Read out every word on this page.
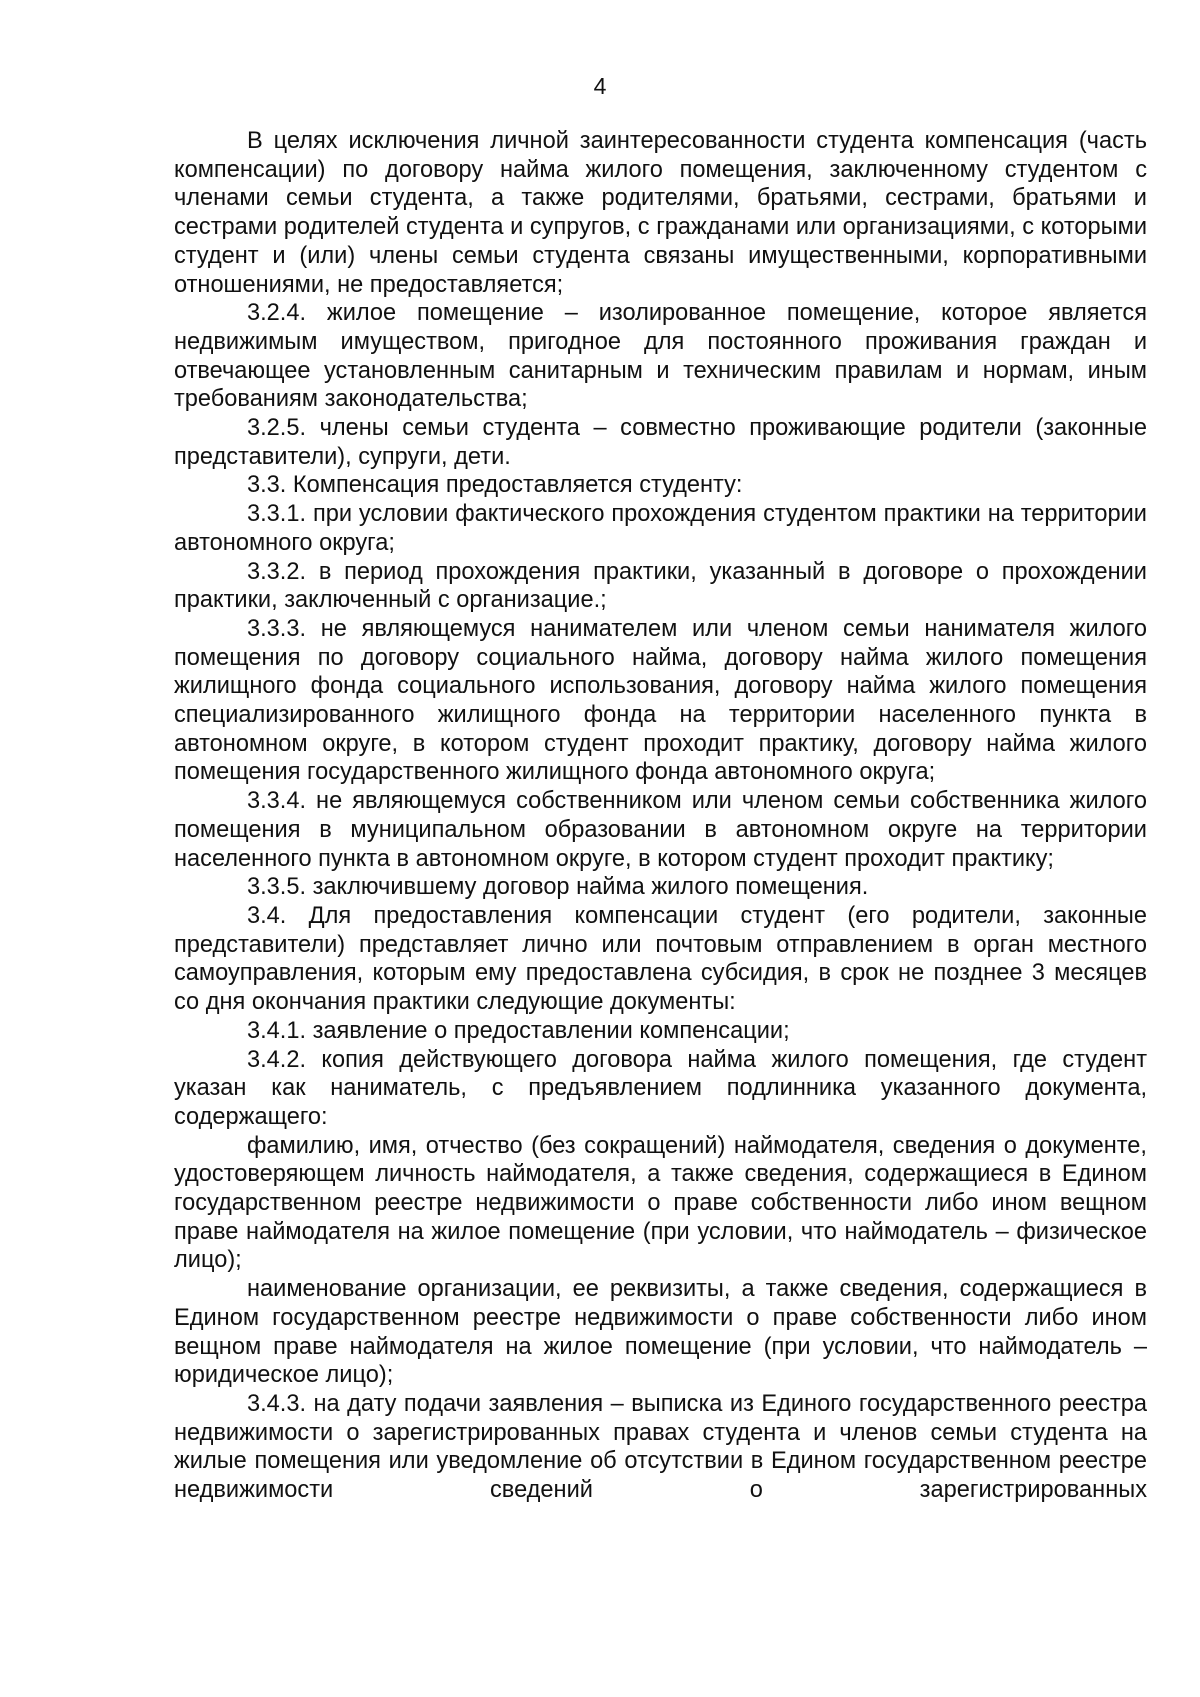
4

В целях исключения личной заинтересованности студента компенсация (часть компенсации) по договору найма жилого помещения, заключенному студентом с членами семьи студента, а также родителями, братьями, сестрами, братьями и сестрами родителей студента и супругов, с гражданами или организациями, с которыми студент и (или) члены семьи студента связаны имущественными, корпоративными отношениями, не предоставляется;

3.2.4. жилое помещение – изолированное помещение, которое является недвижимым имуществом, пригодное для постоянного проживания граждан и отвечающее установленным санитарным и техническим правилам и нормам, иным требованиям законодательства;

3.2.5. члены семьи студента – совместно проживающие родители (законные представители), супруги, дети.

3.3. Компенсация предоставляется студенту:

3.3.1. при условии фактического прохождения студентом практики на территории автономного округа;

3.3.2. в период прохождения практики, указанный в договоре о прохождении практики, заключенный с организацие.;

3.3.3. не являющемуся нанимателем или членом семьи нанимателя жилого помещения по договору социального найма, договору найма жилого помещения жилищного фонда социального использования, договору найма жилого помещения специализированного жилищного фонда на территории населенного пункта в автономном округе, в котором студент проходит практику, договору найма жилого помещения государственного жилищного фонда автономного округа;

3.3.4. не являющемуся собственником или членом семьи собственника жилого помещения в муниципальном образовании в автономном округе на территории населенного пункта в автономном округе, в котором студент проходит практику;

3.3.5. заключившему договор найма жилого помещения.

3.4. Для предоставления компенсации студент (его родители, законные представители) представляет лично или почтовым отправлением в орган местного самоуправления, которым ему предоставлена субсидия, в срок не позднее 3 месяцев со дня окончания практики следующие документы:

3.4.1. заявление о предоставлении компенсации;

3.4.2. копия действующего договора найма жилого помещения, где студент указан как наниматель, с предъявлением подлинника указанного документа, содержащего:

фамилию, имя, отчество (без сокращений) наймодателя, сведения о документе, удостоверяющем личность наймодателя, а также сведения, содержащиеся в Едином государственном реестре недвижимости о праве собственности либо ином вещном праве наймодателя на жилое помещение (при условии, что наймодатель – физическое лицо);

наименование организации, ее реквизиты, а также сведения, содержащиеся в Едином государственном реестре недвижимости о праве собственности либо ином вещном праве наймодателя на жилое помещение (при условии, что наймодатель – юридическое лицо);

3.4.3. на дату подачи заявления – выписка из Единого государственного реестра недвижимости о зарегистрированных правах студента и членов семьи студента на жилые помещения или уведомление об отсутствии в Едином государственном реестре недвижимости сведений о зарегистрированных
